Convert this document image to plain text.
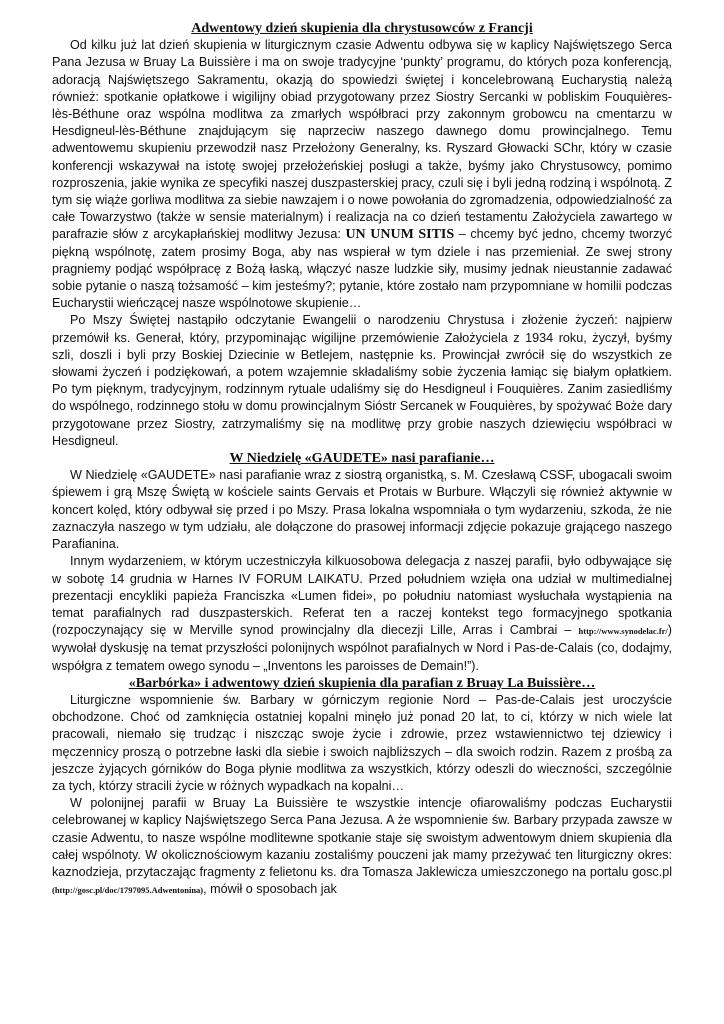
Adwentowy dzień skupienia dla chrystusowców z Francji

Od kilku już lat dzień skupienia w liturgicznym czasie Adwentu odbywa się w kaplicy Najświętszego Serca Pana Jezusa w Bruay La Buissière i ma on swoje tradycyjne ‘punkty’ programu, do których poza konferencją, adoracją Najświętszego Sakramentu, okazją do spowiedzi świętej i koncelebrowaną Eucharystią należą również: spotkanie opłatkowe i wigilijny obiad przygotowany przez Siostry Sercanki w pobliskim Fouquières-lès-Béthune oraz wspólna modlitwa za zmarłych współbraci przy zakonnym grobowcu na cmentarzu w Hesdigneul-lès-Béthune znajdującym się naprzeciw naszego dawnego domu prowincjalnego. Temu adwentowemu skupieniu przewodził nasz Przełożony Generalny, ks. Ryszard Głowacki SChr, który w czasie konferencji wskazywał na istotę swojej przełożeńskiej posługi a także, byśmy jako Chrystusowcy, pomimo rozproszenia, jakie wynika ze specyfiki naszej duszpasterskiej pracy, czuli się i byli jedną rodziną i wspólnotą. Z tym się wiąże gorliwa modlitwa za siebie nawzajem i o nowe powołania do zgromadzenia, odpowiedzialność za całe Towarzystwo (także w sensie materialnym) i realizacja na co dzień testamentu Założyciela zawartego w parafrazie słów z arcykapłańskiej modlitwy Jezusa: UN UNUM SITIS – chcemy być jedno, chcemy tworzyć piękną wspólnotę, zatem prosimy Boga, aby nas wspierał w tym dziele i nas przemieniał. Ze swej strony pragniemy podjąć współpracę z Bożą łaską, włączyć nasze ludzkie siły, musimy jednak nieustannie zadawać sobie pytanie o naszą tożsamość – kim jesteśmy?; pytanie, które zostało nam przypomniane w homilii podczas Eucharystii wieńczącej nasze wspólnotowe skupienie…

Po Mszy Świętej nastąpiło odczytanie Ewangelii o narodzeniu Chrystusa i złożenie życzeń: najpierw przemówił ks. Generał, który, przypominając wigilijne przemówienie Założyciela z 1934 roku, życzył, byśmy szli, doszli i byli przy Boskiej Dziecinie w Betlejem, następnie ks. Prowincjał zwrócił się do wszystkich ze słowami życzeń i podziękowań, a potem wzajemnie składaliśmy sobie życzenia łamiąc się białym opłatkiem. Po tym pięknym, tradycyjnym, rodzinnym rytuale udaliśmy się do Hesdigneul i Fouquières. Zanim zasiedliśmy do wspólnego, rodzinnego stołu w domu prowincjalnym Sióstr Sercanek w Fouquières, by spożywać Boże dary przygotowane przez Siostry, zatrzymaliśmy się na modlitwę przy grobie naszych dziewięciu współbraci w Hesdigneul.

W Niedzielę «GAUDETE» nasi parafianie…

W Niedzielę «GAUDETE» nasi parafianie wraz z siostrą organistką, s. M. Czesławą CSSF, ubogacali swoim śpiewem i grą Mszę Świętą w kościele saints Gervais et Protais w Burbure. Włączyli się również aktywnie w koncert kolęd, który odbywał się przed i po Mszy. Prasa lokalna wspomniała o tym wydarzeniu, szkoda, że nie zaznaczyła naszego w tym udziału, ale dołączone do prasowej informacji zdjęcie pokazuje grającego naszego Parafianina.

Innym wydarzeniem, w którym uczestniczyła kilkuosobowa delegacja z naszej parafii, było odbywające się w sobotę 14 grudnia w Harnes IV FORUM LAIKATU. Przed południem wzięła ona udział w multimedialnej prezentacji encykliki papieża Franciszka «Lumen fidei», po południu natomiast wysłuchała wystąpienia na temat parafialnych rad duszpasterskich. Referat ten a raczej kontekst tego formacyjnego spotkania (rozpoczynający się w Merville synod prowincjalny dla diecezji Lille, Arras i Cambrai – http://www.synodelac.fr/) wywołał dyskusję na temat przyszłości polonijnych wspólnot parafialnych w Nord i Pas-de-Calais (co, dodajmy, współgra z tematem owego synodu – „Inventons les paroisses de Demain!”).

«Barbórka» i adwentowy dzień skupienia dla parafian z Bruay La Buissière…

Liturgiczne wspomnienie św. Barbary w górniczym regionie Nord – Pas-de-Calais jest uroczyście obchodzone. Choć od zamknięcia ostatniej kopalni minęło już ponad 20 lat, to ci, którzy w nich wiele lat pracowali, niemało się trudząc i niszcząc swoje życie i zdrowie, przez wstawiennictwo tej dziewicy i męczennicy proszą o potrzebne łaski dla siebie i swoich najbliższych – dla swoich rodzin. Razem z prośbą za jeszcze żyjących górników do Boga płynie modlitwa za wszystkich, którzy odeszli do wieczności, szczególnie za tych, którzy stracili życie w różnych wypadkach na kopalni…

W polonijnej parafii w Bruay La Buissière te wszystkie intencje ofiarowaliśmy podczas Eucharystii celebrowanej w kaplicy Najświętszego Serca Pana Jezusa. A że wspomnienie św. Barbary przypada zawsze w czasie Adwentu, to nasze wspólne modlitewne spotkanie staje się swoistym adwentowym dniem skupienia dla całej wspólnoty. W okolicznościowym kazaniu zostaliśmy pouczeni jak mamy przeżywać ten liturgiczny okres: kaznodzieja, przytaczając fragmenty z felietonu ks. dra Tomasza Jaklewicza umieszczonego na portalu gosc.pl (http://gosc.pl/doc/1797095.Adwentonina), mówił o sposobach jak
